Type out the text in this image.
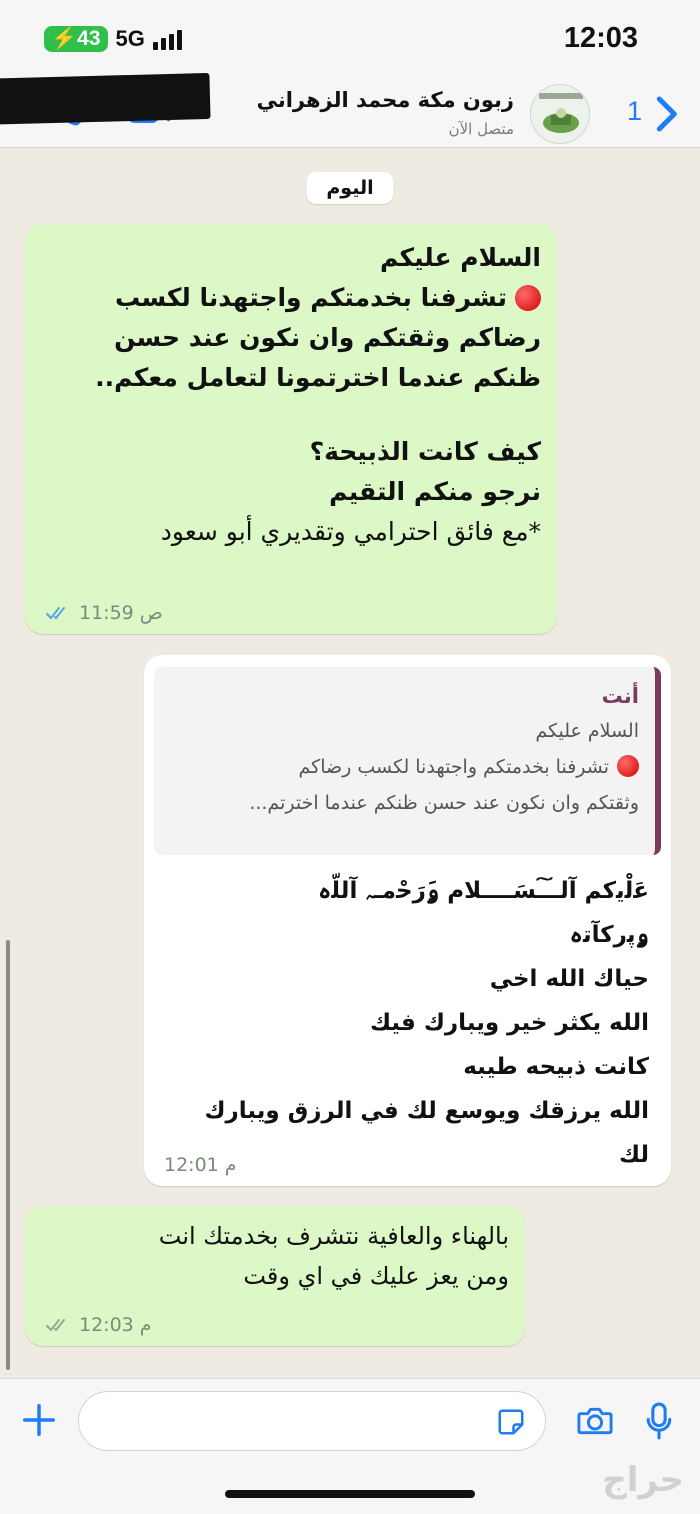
⚡43 5G	12:03
زبون مكة محمد الزهراني
متصل الآن
1
اليوم
السلام عليكم
تشرفنا بخدمتكم واجتهدنا لكسب
رضاكم وثقتكم وان نكون عند حسن
ظنكم عندما اخترتمونا لتعامل معكم..
كيف كانت الذبيحة؟
نرجو منكم التقيم
*مع فائق احترامي وتقديري أبو سعود
11:59 ص
أنت
السلام عليكم
تشرفنا بخدمتكم واجتهدنا لكسب رضاكم
وثقتكم وان نكون عند حسن ظنكم عندما اخترتم...
ﻋَﻟْﻳﻛﻢ ﺁﻟــ͠ـسَــــلاﻡ ۅَﺭَﺣْﻣـﮧ ﺁﻟﻠّہ
ۅِﭘﺭﻛﺂﺗہ
حياك الله اخي
الله يكثر خير ويبارك فيك
كانت ذبيحه طيبه
الله يرزقك ويوسع لك في الرزق ويبارك
لك
12:01 م
بالهناء والعافية نتشرف بخدمتك انت
ومن يعز عليك في اي وقت
12:03 م
حراج
